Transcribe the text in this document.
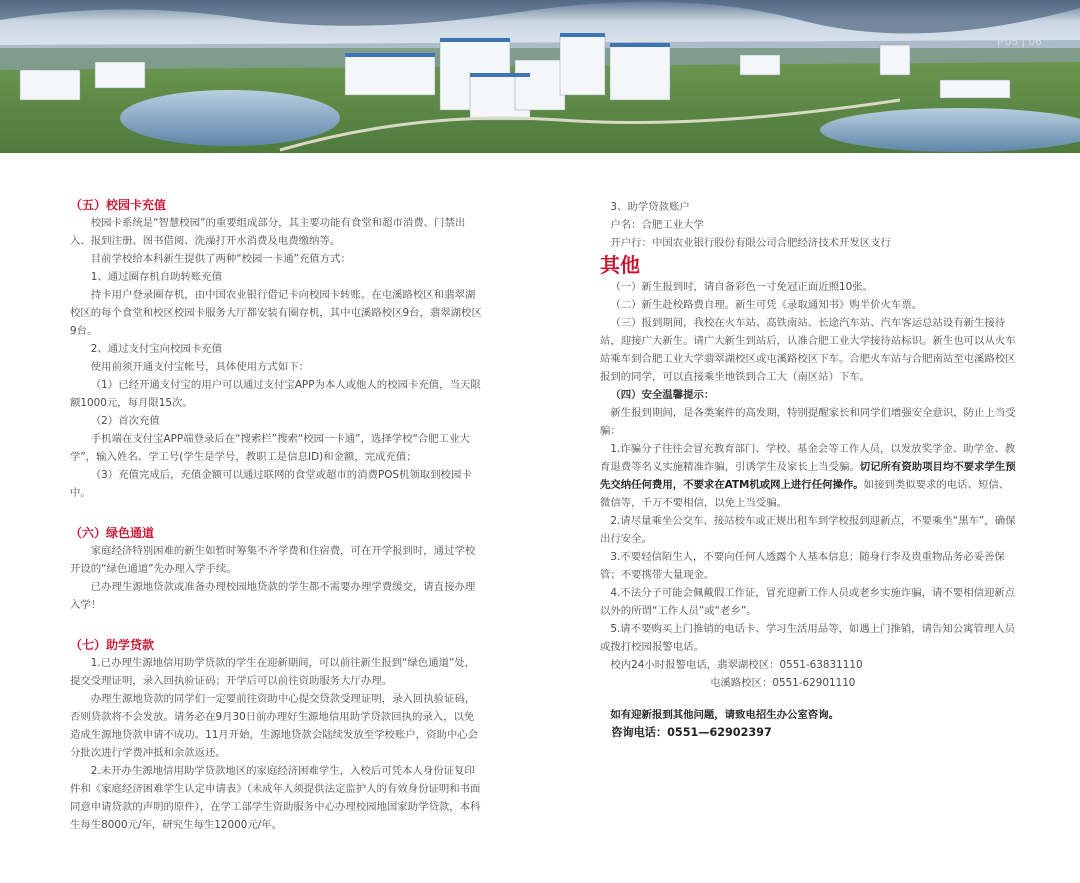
P05 | 06

（五）校园卡充值

校园卡系统是“智慧校园”的重要组成部分，其主要功能有食堂和超市消费、门禁出入、报到注册、图书借阅、洗澡打开水消费及电费缴纳等。

目前学校给本科新生提供了两种“校园一卡通”充值方式：

1、通过圈存机自助转账充值

持卡用户登录圈存机，由中国农业银行借记卡向校园卡转账。在屯溪路校区和翡翠湖校区的每个食堂和校区校园卡服务大厅都安装有圈存机，其中屯溪路校区9台，翡翠湖校区9台。

2、通过支付宝向校园卡充值

使用前须开通支付宝帐号，具体使用方式如下：

（1）已经开通支付宝的用户可以通过支付宝APP为本人或他人的校园卡充值，当天限额1000元，每月限15次。

（2）首次充值

手机端在支付宝APP端登录后在“搜索栏”搜索“校园一卡通”，选择学校“合肥工业大学”，输入姓名、学工号(学生是学号，教职工是信息ID)和金额，完成充值；

（3）充值完成后，充值金额可以通过联网的食堂或超市的消费POS机领取到校园卡中。

（六）绿色通道

家庭经济特别困难的新生如暂时筹集不齐学费和住宿费，可在开学报到时，通过学校开设的“绿色通道”先办理入学手续。

已办理生源地贷款或准备办理校园地贷款的学生都不需要办理学费缓交，请直接办理入学！

（七）助学贷款

1.已办理生源地信用助学贷款的学生在迎新期间，可以前往新生报到“绿色通道”处，提交受理证明，录入回执验证码；开学后可以前往资助服务大厅办理。

办理生源地贷款的同学们一定要前往资助中心提交贷款受理证明，录入回执验证码，否则贷款将不会发放。请务必在9月30日前办理好生源地信用助学贷款回执的录入，以免造成生源地贷款申请不成功。11月开始，生源地贷款会陆续发放至学校账户，资助中心会分批次进行学费冲抵和余款返还。

2.未开办生源地信用助学贷款地区的家庭经济困难学生，入校后可凭本人身份证复印件和《家庭经济困难学生认定申请表》（未成年人须提供法定监护人的有效身份证明和书面同意申请贷款的声明的原件），在学工部学生资助服务中心办理校园地国家助学贷款，本科生每生8000元/年，研究生每生12000元/年。

3、助学贷款账户

户名：合肥工业大学

开户行：中国农业银行股份有限公司合肥经济技术开发区支行

其他

（一）新生报到时，请自备彩色一寸免冠正面近照10张。

（二）新生赴校路费自理。新生可凭《录取通知书》购半价火车票。

（三）报到期间，我校在火车站、高铁南站、长途汽车站、汽车客运总站设有新生接待站，迎接广大新生。请广大新生到站后，认准合肥工业大学接待站标识。新生也可以从火车站乘车到合肥工业大学翡翠湖校区或屯溪路校区下车。合肥火车站与合肥南站至屯溪路校区报到的同学，可以直接乘坐地铁到合工大（南区站）下车。

（四）安全温馨提示：

新生报到期间，是各类案件的高发期，特别提醒家长和同学们增强安全意识，防止上当受骗：

1.诈骗分子往往会冒充教育部门、学校、基金会等工作人员，以发放奖学金、助学金、教育退费等名义实施精准诈骗，引诱学生及家长上当受骗。切记所有资助项目均不要求学生预先交纳任何费用，不要求在ATM机或网上进行任何操作。如接到类似要求的电话、短信、微信等，千万不要相信，以免上当受骗。

2.请尽量乘坐公交车、接站校车或正规出租车到学校报到迎新点，不要乘坐“黑车”，确保出行安全。

3.不要轻信陌生人，不要向任何人透露个人基本信息；随身行李及贵重物品务必妥善保管；不要携带大量现金。

4.不法分子可能会佩戴假工作证，冒充迎新工作人员或老乡实施诈骗，请不要相信迎新点以外的所谓“工作人员”或“老乡”。

5.请不要购买上门推销的电话卡、学习生活用品等，如遇上门推销，请告知公寓管理人员或拨打校园报警电话。

校内24小时报警电话，翡翠湖校区：0551-63831110

屯溪路校区：0551-62901110

如有迎新报到其他问题，请致电招生办公室咨询。

咨询电话：0551—62902397
